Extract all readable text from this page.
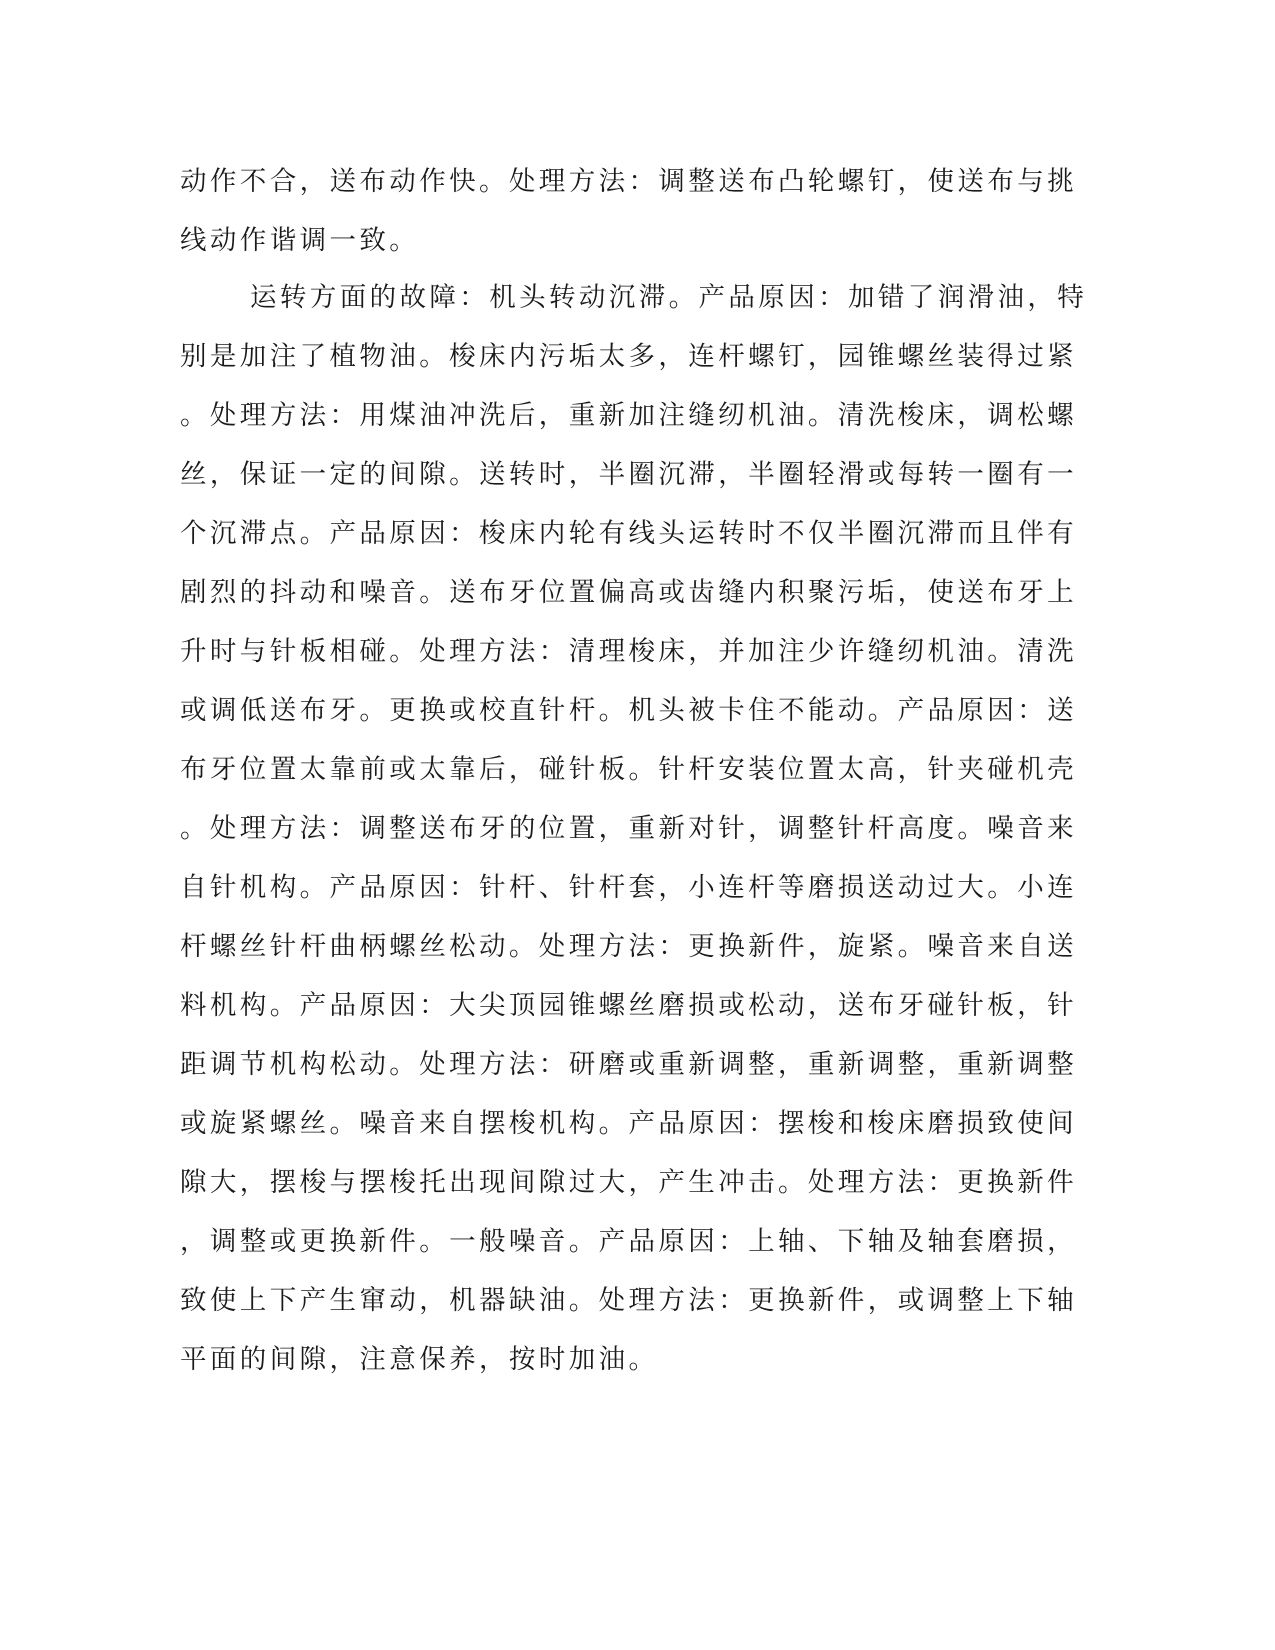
动作不合，送布动作快。处理方法：调整送布凸轮螺钉，使送布与挑
线动作谐调一致。
运转方面的故障：机头转动沉滞。产品原因：加错了润滑油，特
别是加注了植物油。梭床内污垢太多，连杆螺钉，园锥螺丝装得过紧
。处理方法：用煤油冲洗后，重新加注缝纫机油。清洗梭床，调松螺
丝，保证一定的间隙。送转时，半圈沉滞，半圈轻滑或每转一圈有一
个沉滞点。产品原因：梭床内轮有线头运转时不仅半圈沉滞而且伴有
剧烈的抖动和噪音。送布牙位置偏高或齿缝内积聚污垢，使送布牙上
升时与针板相碰。处理方法：清理梭床，并加注少许缝纫机油。清洗
或调低送布牙。更换或校直针杆。机头被卡住不能动。产品原因：送
布牙位置太靠前或太靠后，碰针板。针杆安装位置太高，针夹碰机壳
。处理方法：调整送布牙的位置，重新对针，调整针杆高度。噪音来
自针机构。产品原因：针杆、针杆套，小连杆等磨损送动过大。小连
杆螺丝针杆曲柄螺丝松动。处理方法：更换新件，旋紧。噪音来自送
料机构。产品原因：大尖顶园锥螺丝磨损或松动，送布牙碰针板，针
距调节机构松动。处理方法：研磨或重新调整，重新调整，重新调整
或旋紧螺丝。噪音来自摆梭机构。产品原因：摆梭和梭床磨损致使间
隙大，摆梭与摆梭托出现间隙过大，产生冲击。处理方法：更换新件
，调整或更换新件。一般噪音。产品原因：上轴、下轴及轴套磨损，
致使上下产生窜动，机器缺油。处理方法：更换新件，或调整上下轴
平面的间隙，注意保养，按时加油。
